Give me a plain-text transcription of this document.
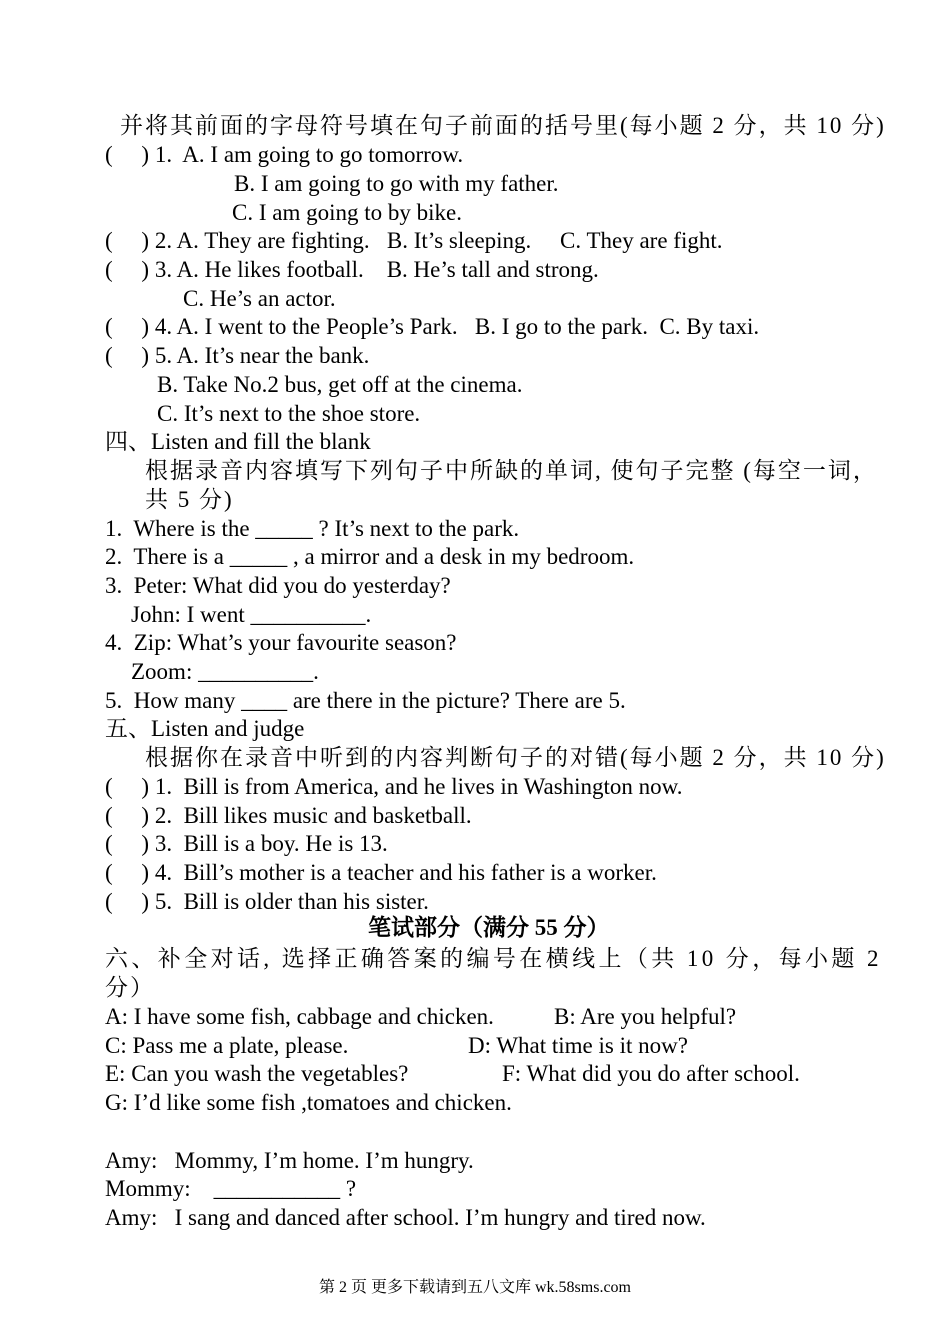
并将其前面的字母符号填在句子前面的括号里(每小题 2 分，共 10 分)
(     ) 1.  A. I am going to go tomorrow.
B. I am going to go with my father.
C. I am going to by bike.
(     ) 2. A. They are fighting.   B. It’s sleeping.     C. They are fight.
(     ) 3. A. He likes football.    B. He’s tall and strong.
C. He’s an actor.
(     ) 4. A. I went to the People’s Park.   B. I go to the park.  C. By taxi.
(     ) 5. A. It’s near the bank.
B. Take No.2 bus, get off at the cinema.
C. It’s next to the shoe store.
四、Listen and fill the blank
根据录音内容填写下列句子中所缺的单词, 使句子完整 (每空一词，
共 5 分)
1.  Where is the _____ ? It’s next to the park.
2.  There is a _____ , a mirror and a desk in my bedroom.
3.  Peter: What did you do yesterday?
John: I went __________.
4.  Zip: What’s your favourite season?
Zoom: __________.
5.  How many ____ are there in the picture? There are 5.
五、Listen and judge
根据你在录音中听到的内容判断句子的对错(每小题 2 分，共 10 分)
(     ) 1.  Bill is from America, and he lives in Washington now.
(     ) 2.  Bill likes music and basketball.
(     ) 3.  Bill is a boy. He is 13.
(     ) 4.  Bill’s mother is a teacher and his father is a worker.
(     ) 5.  Bill is older than his sister.
笔试部分（满分 55 分）
六、补全对话, 选择正确答案的编号在横线上（共 10 分，每小题 2
分）
A: I have some fish, cabbage and chicken.	B: Are you helpful?
C: Pass me a plate, please.	D: What time is it now?
E: Can you wash the vegetables?	F: What did you do after school.
G: I’d like some fish ,tomatoes and chicken.
Amy:   Mommy, I’m home. I’m hungry.
Mommy:    ___________ ?
Amy:   I sang and danced after school. I’m hungry and tired now.
第 2 页 更多下载请到五八文库 wk.58sms.com
